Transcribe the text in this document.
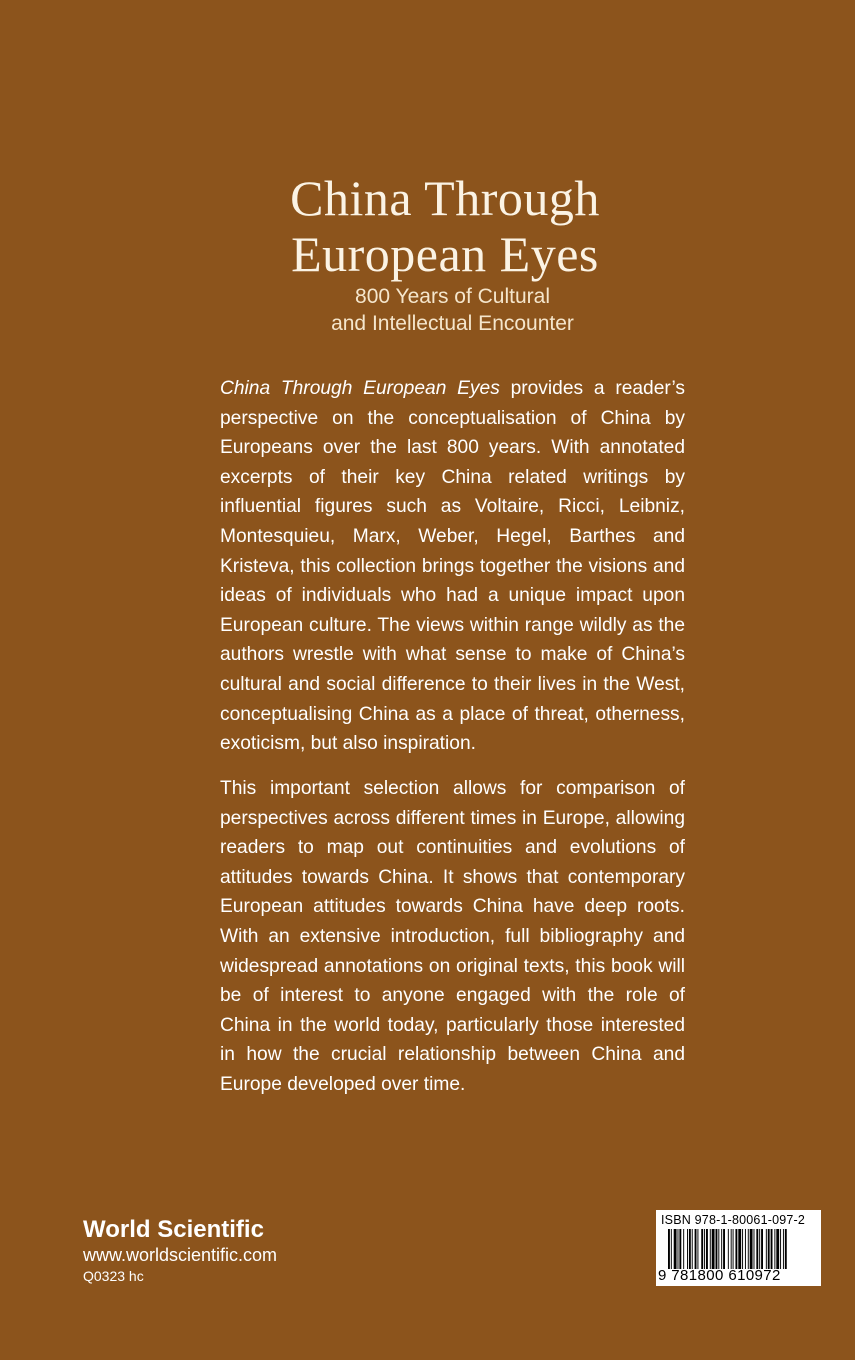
China Through
European Eyes
800 Years of Cultural
and Intellectual Encounter
China Through European Eyes provides a reader’s perspective on the conceptualisation of China by Europeans over the last 800 years. With annotated excerpts of their key China related writings by influential figures such as Voltaire, Ricci, Leibniz, Montesquieu, Marx, Weber, Hegel, Barthes and Kristeva, this collection brings together the visions and ideas of individuals who had a unique impact upon European culture. The views within range wildly as the authors wrestle with what sense to make of China’s cultural and social difference to their lives in the West, conceptualising China as a place of threat, otherness, exoticism, but also inspiration.
This important selection allows for comparison of perspectives across different times in Europe, allowing readers to map out continuities and evolutions of attitudes towards China. It shows that contemporary European attitudes towards China have deep roots. With an extensive introduction, full bibliography and widespread annotations on original texts, this book will be of interest to anyone engaged with the role of China in the world today, particularly those interested in how the crucial relationship between China and Europe developed over time.
World Scientific
www.worldscientific.com
Q0323 hc
ISBN 978-1-80061-097-2
9 781800 610972
